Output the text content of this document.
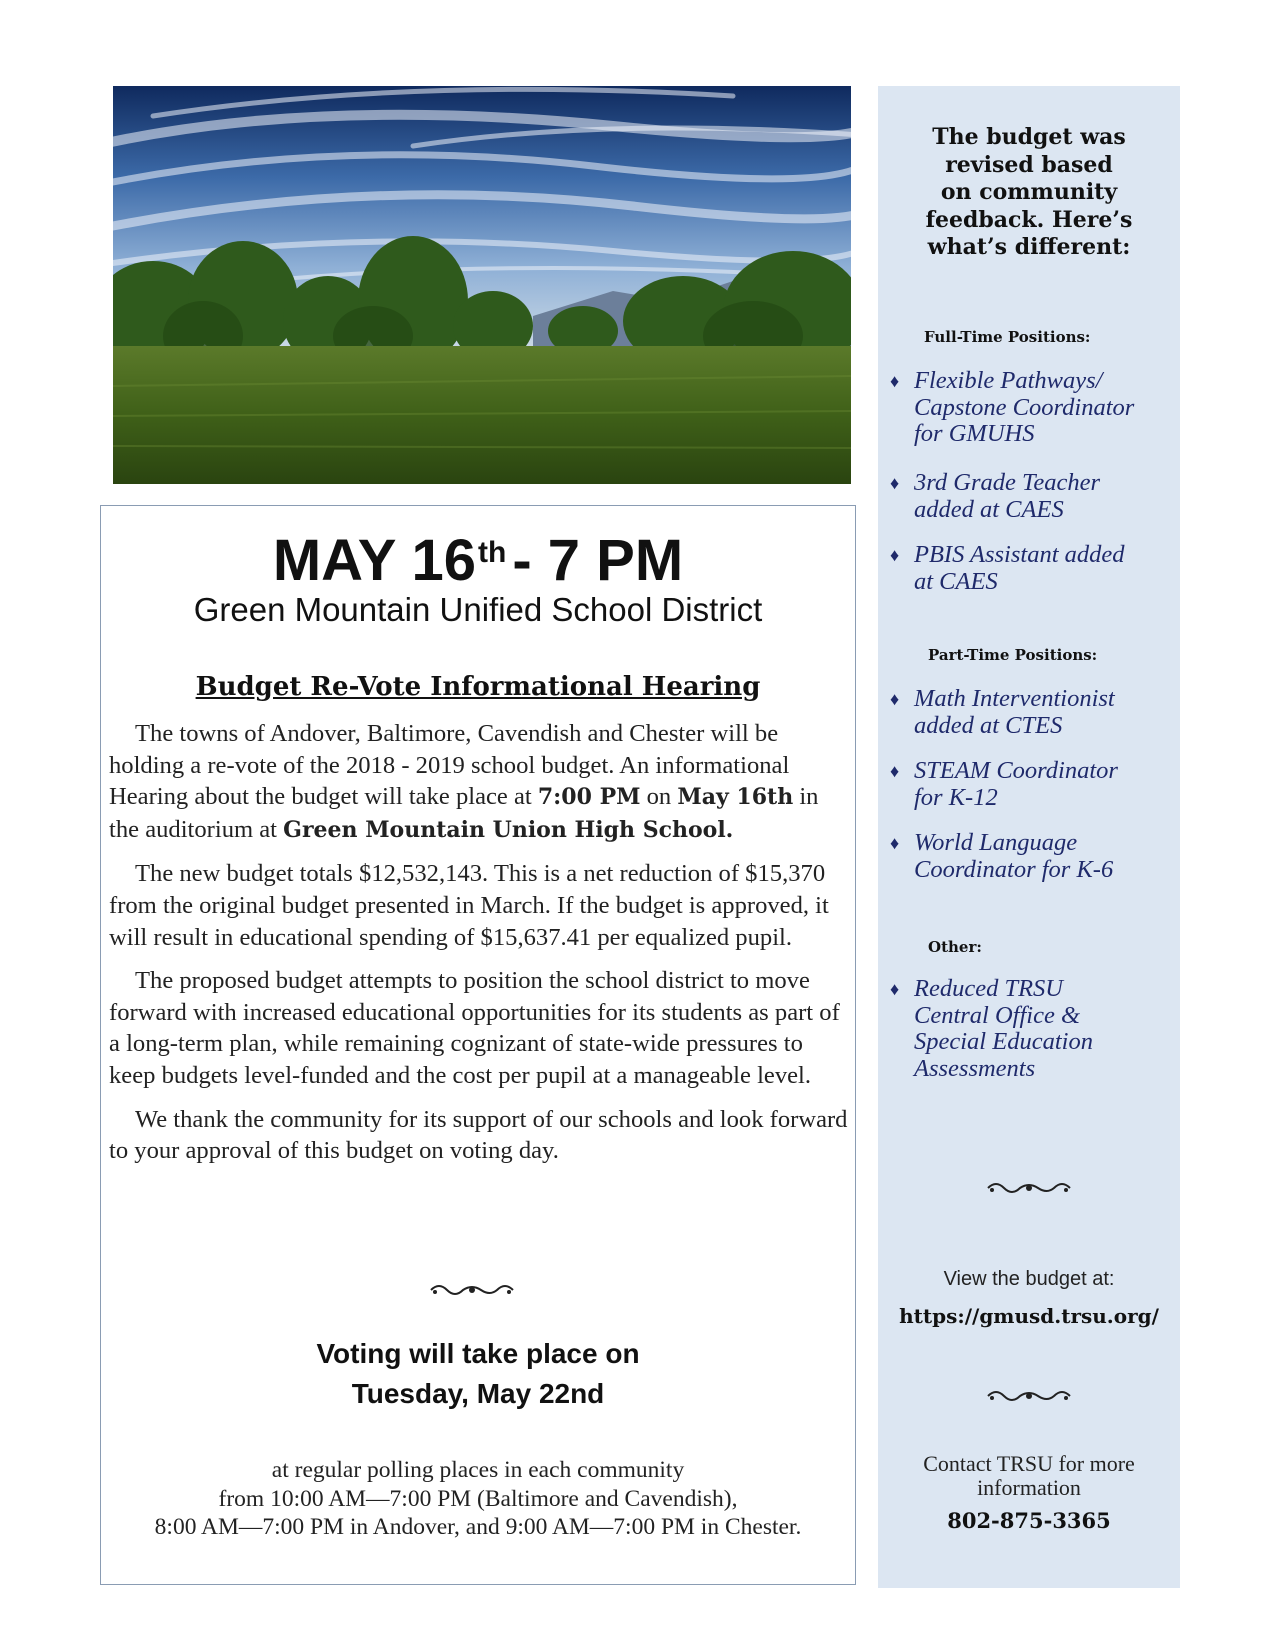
MAY 16th - 7 PM
Green Mountain Unified School District
Budget Re-Vote Informational Hearing

The towns of Andover, Baltimore, Cavendish and Chester will be holding a re-vote of the 2018 - 2019 school budget. An informational Hearing about the budget will take place at 7:00 PM on May 16th in the auditorium at Green Mountain Union High School.

The new budget totals $12,532,143. This is a net reduction of $15,370 from the original budget presented in March. If the budget is approved, it will result in educational spending of $15,637.41 per equalized pupil.

The proposed budget attempts to position the school district to move forward with increased educational opportunities for its students as part of a long-term plan, while remaining cognizant of state-wide pressures to keep budgets level-funded and the cost per pupil at a manageable level.

We thank the community for its support of our schools and look forward to your approval of this budget on voting day.

Voting will take place on
Tuesday, May 22nd
at regular polling places in each community
from 10:00 AM—7:00 PM (Baltimore and Cavendish),
8:00 AM—7:00 PM in Andover, and 9:00 AM—7:00 PM in Chester.
The budget was
revised based
on community
feedback. Here’s
what’s different:
Full-Time Positions:
♦ Flexible Pathways/
Capstone Coordinator
for GMUHS
♦ 3rd Grade Teacher
added at CAES
♦ PBIS Assistant added
at CAES
Part-Time Positions:
♦ Math Interventionist
added at CTES
♦ STEAM Coordinator
for K-12
♦ World Language
Coordinator for K-6
Other:
♦ Reduced TRSU
Central Office &
Special Education
Assessments
View the budget at:
https://gmusd.trsu.org/
Contact TRSU for more
information
802-875-3365
